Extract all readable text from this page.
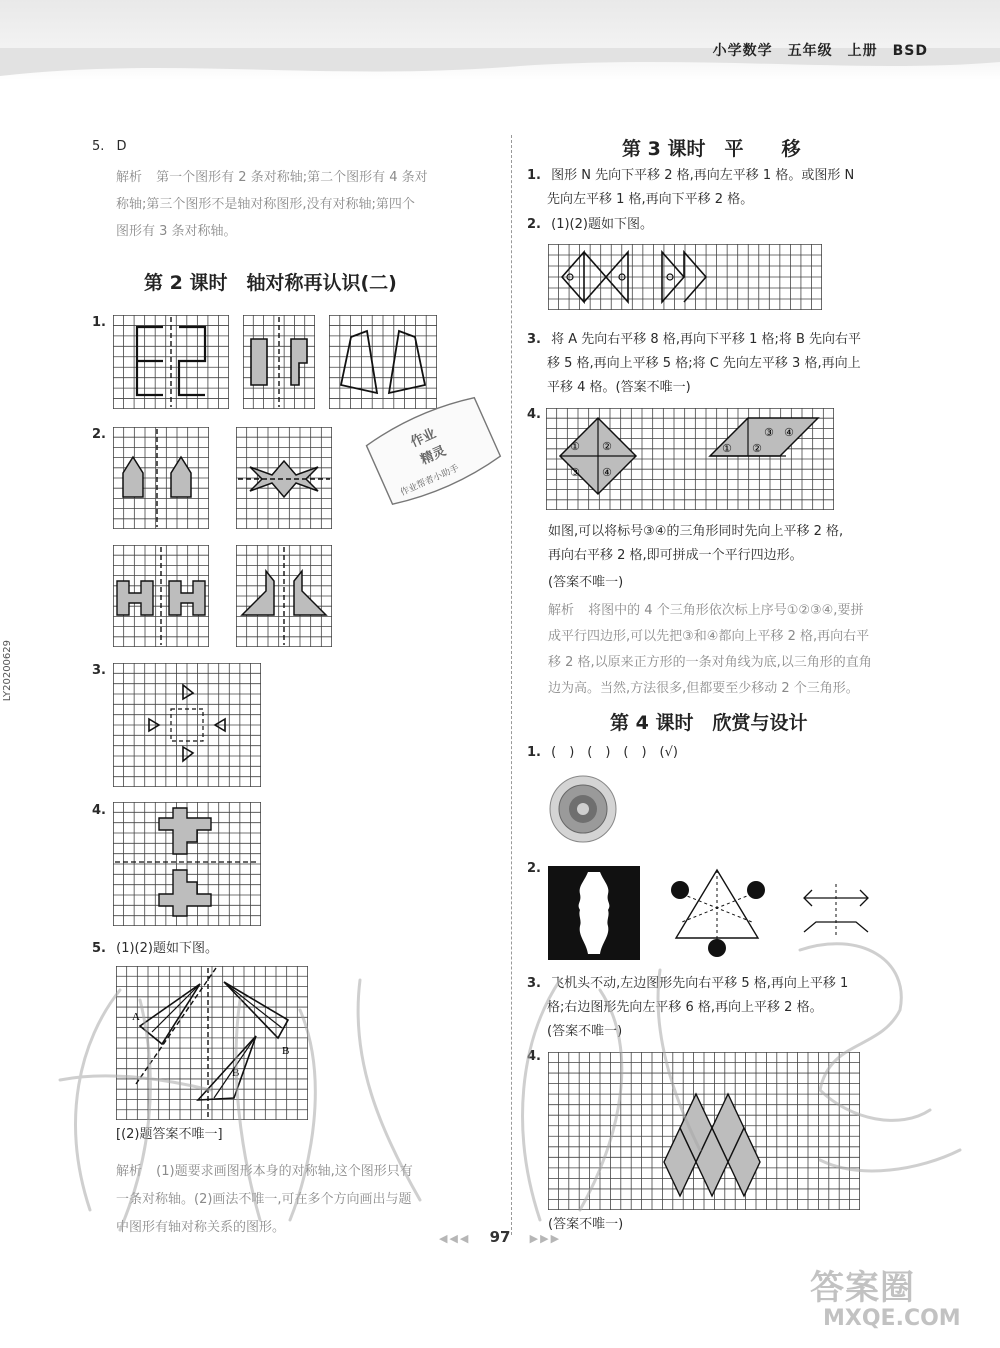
小学数学　五年级　上册　BSD
LY20200629
5. D
解析 第一个图形有 2 条对称轴;第二个图形有 4 条对
称轴;第三个图形不是轴对称图形,没有对称轴;第四个
图形有 3 条对称轴。
第 2 课时　轴对称再认识(二)
1.
2.
3.
4.
5. (1)(2)题如下图。
A
B
B
[(2)题答案不唯一]
解析 (1)题要求画图形本身的对称轴,这个图形只有
一条对称轴。(2)画法不唯一,可在多个方向画出与题
中图形有轴对称关系的图形。
作业
精灵
作业帮者小助手
第 3 课时　平　　移
1. 图形 N 先向下平移 2 格,再向左平移 1 格。或图形 N
先向左平移 1 格,再向下平移 2 格。
2. (1)(2)题如下图。
3. 将 A 先向右平移 8 格,再向下平移 1 格;将 B 先向右平
移 5 格,再向上平移 5 格;将 C 先向左平移 3 格,再向上
平移 4 格。(答案不唯一)
4.
① ②
③ ④
① ②
③ ④
如图,可以将标号③④的三角形同时先向上平移 2 格,
再向右平移 2 格,即可拼成一个平行四边形。
(答案不唯一)
解析 将图中的 4 个三角形依次标上序号①②③④,要拼
成平行四边形,可以先把③和④都向上平移 2 格,再向右平
移 2 格,以原来正方形的一条对角线为底,以三角形的直角
边为高。当然,方法很多,但都要至少移动 2 个三角形。
第 4 课时　欣赏与设计
1. (　)　(　)　(　)　(√)
2.
3. 飞机头不动,左边图形先向右平移 5 格,再向上平移 1
格;右边图形先向左平移 6 格,再向上平移 2 格。
(答案不唯一)
4.
(答案不唯一)
◀◀◀ 97 ▶▶▶
答案圈
MXQE.COM
